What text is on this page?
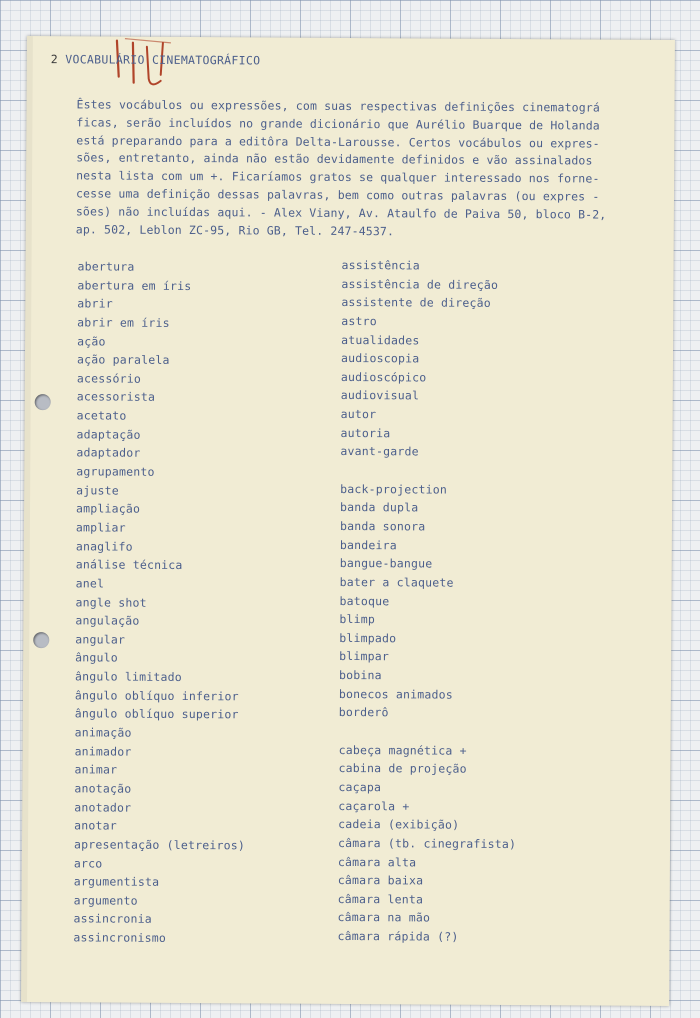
2 VOCABULÁRIO CINEMATOGRÁFICO
Êstes vocábulos ou expressões, com suas respectivas definições cinematográ
ficas, serão incluídos no grande dicionário que Aurélio Buarque de Holanda
está preparando para a editôra Delta-Larousse. Certos vocábulos ou expres-
sões, entretanto, ainda não estão devidamente definidos e vão assinalados
nesta lista com um +. Ficaríamos gratos se qualquer interessado nos forne-
cesse uma definição dessas palavras, bem como outras palavras (ou expres -
sões) não incluídas aqui. - Alex Viany, Av. Ataulfo de Paiva 50, bloco B-2,
ap. 502, Leblon ZC-95, Rio GB, Tel. 247-4537.
abertura
abertura em íris
abrir
abrir em íris
ação
ação paralela
acessório
acessorista
acetato
adaptação
adaptador
agrupamento
ajuste
ampliação
ampliar
anaglifo
análise técnica
anel
angle shot
angulação
angular
ângulo
ângulo limitado
ângulo oblíquo inferior
ângulo oblíquo superior
animação
animador
animar
anotação
anotador
anotar
apresentação (letreiros)
arco
argumentista
argumento
assincronia
assincronismo
assistência
assistência de direção
assistente de direção
astro
atualidades
audioscopia
audioscópico
audiovisual
autor
autoria
avant-garde
back-projection
banda dupla
banda sonora
bandeira
bangue-bangue
bater a claquete
batoque
blimp
blimpado
blimpar
bobina
bonecos animados
borderô
cabeça magnética +
cabina de projeção
caçapa
caçarola +
cadeia (exibição)
câmara (tb. cinegrafista)
câmara alta
câmara baixa
câmara lenta
câmara na mão
câmara rápida (?)
